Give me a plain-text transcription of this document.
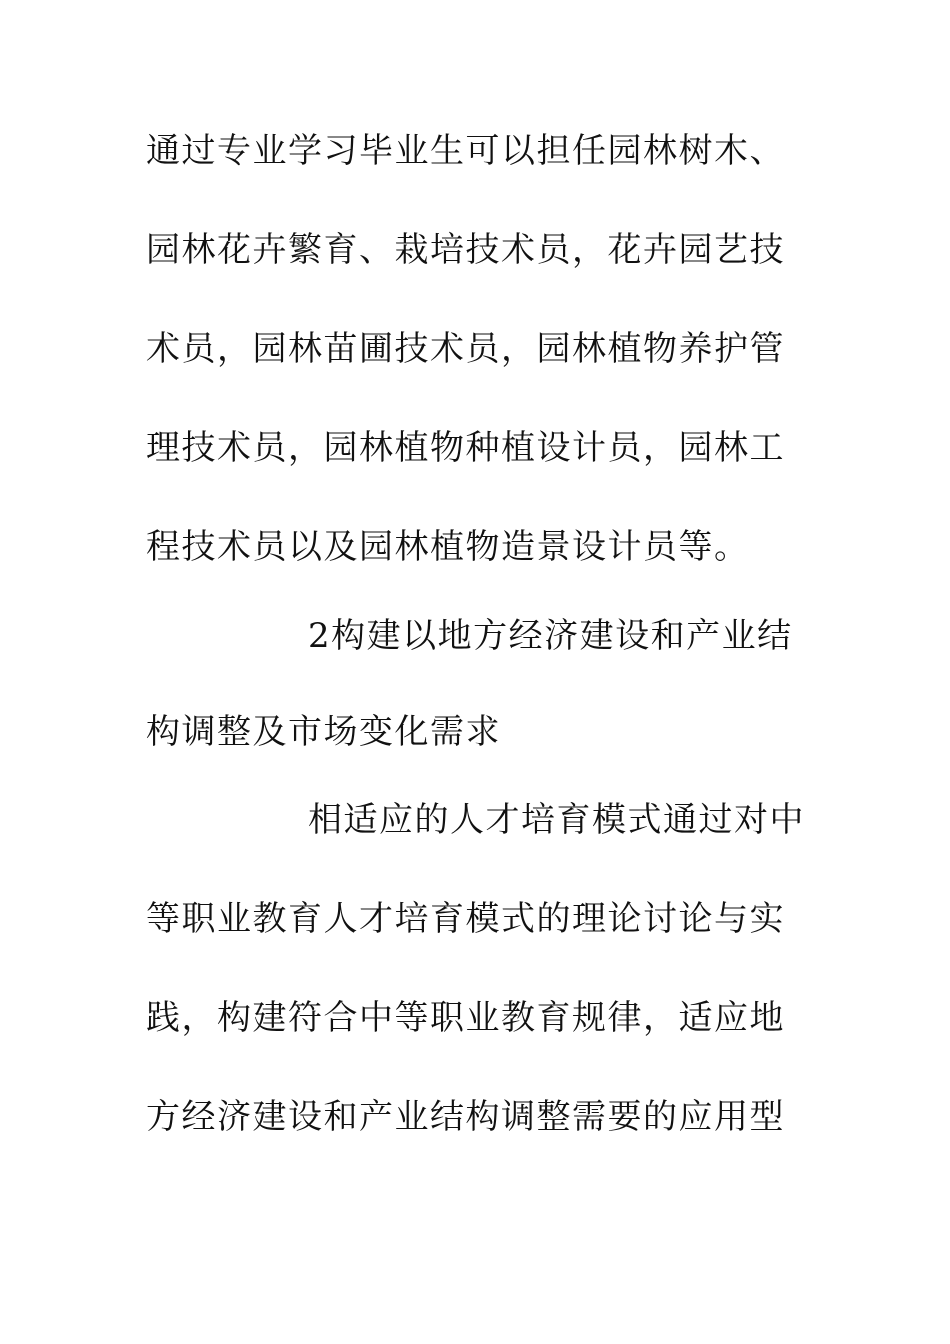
通过专业学习毕业生可以担任园林树木、
园林花卉繁育、栽培技术员，花卉园艺技
术员，园林苗圃技术员，园林植物养护管
理技术员，园林植物种植设计员，园林工
程技术员以及园林植物造景设计员等。
2构建以地方经济建设和产业结
构调整及市场变化需求
相适应的人才培育模式通过对中
等职业教育人才培育模式的理论讨论与实
践，构建符合中等职业教育规律，适应地
方经济建设和产业结构调整需要的应用型
